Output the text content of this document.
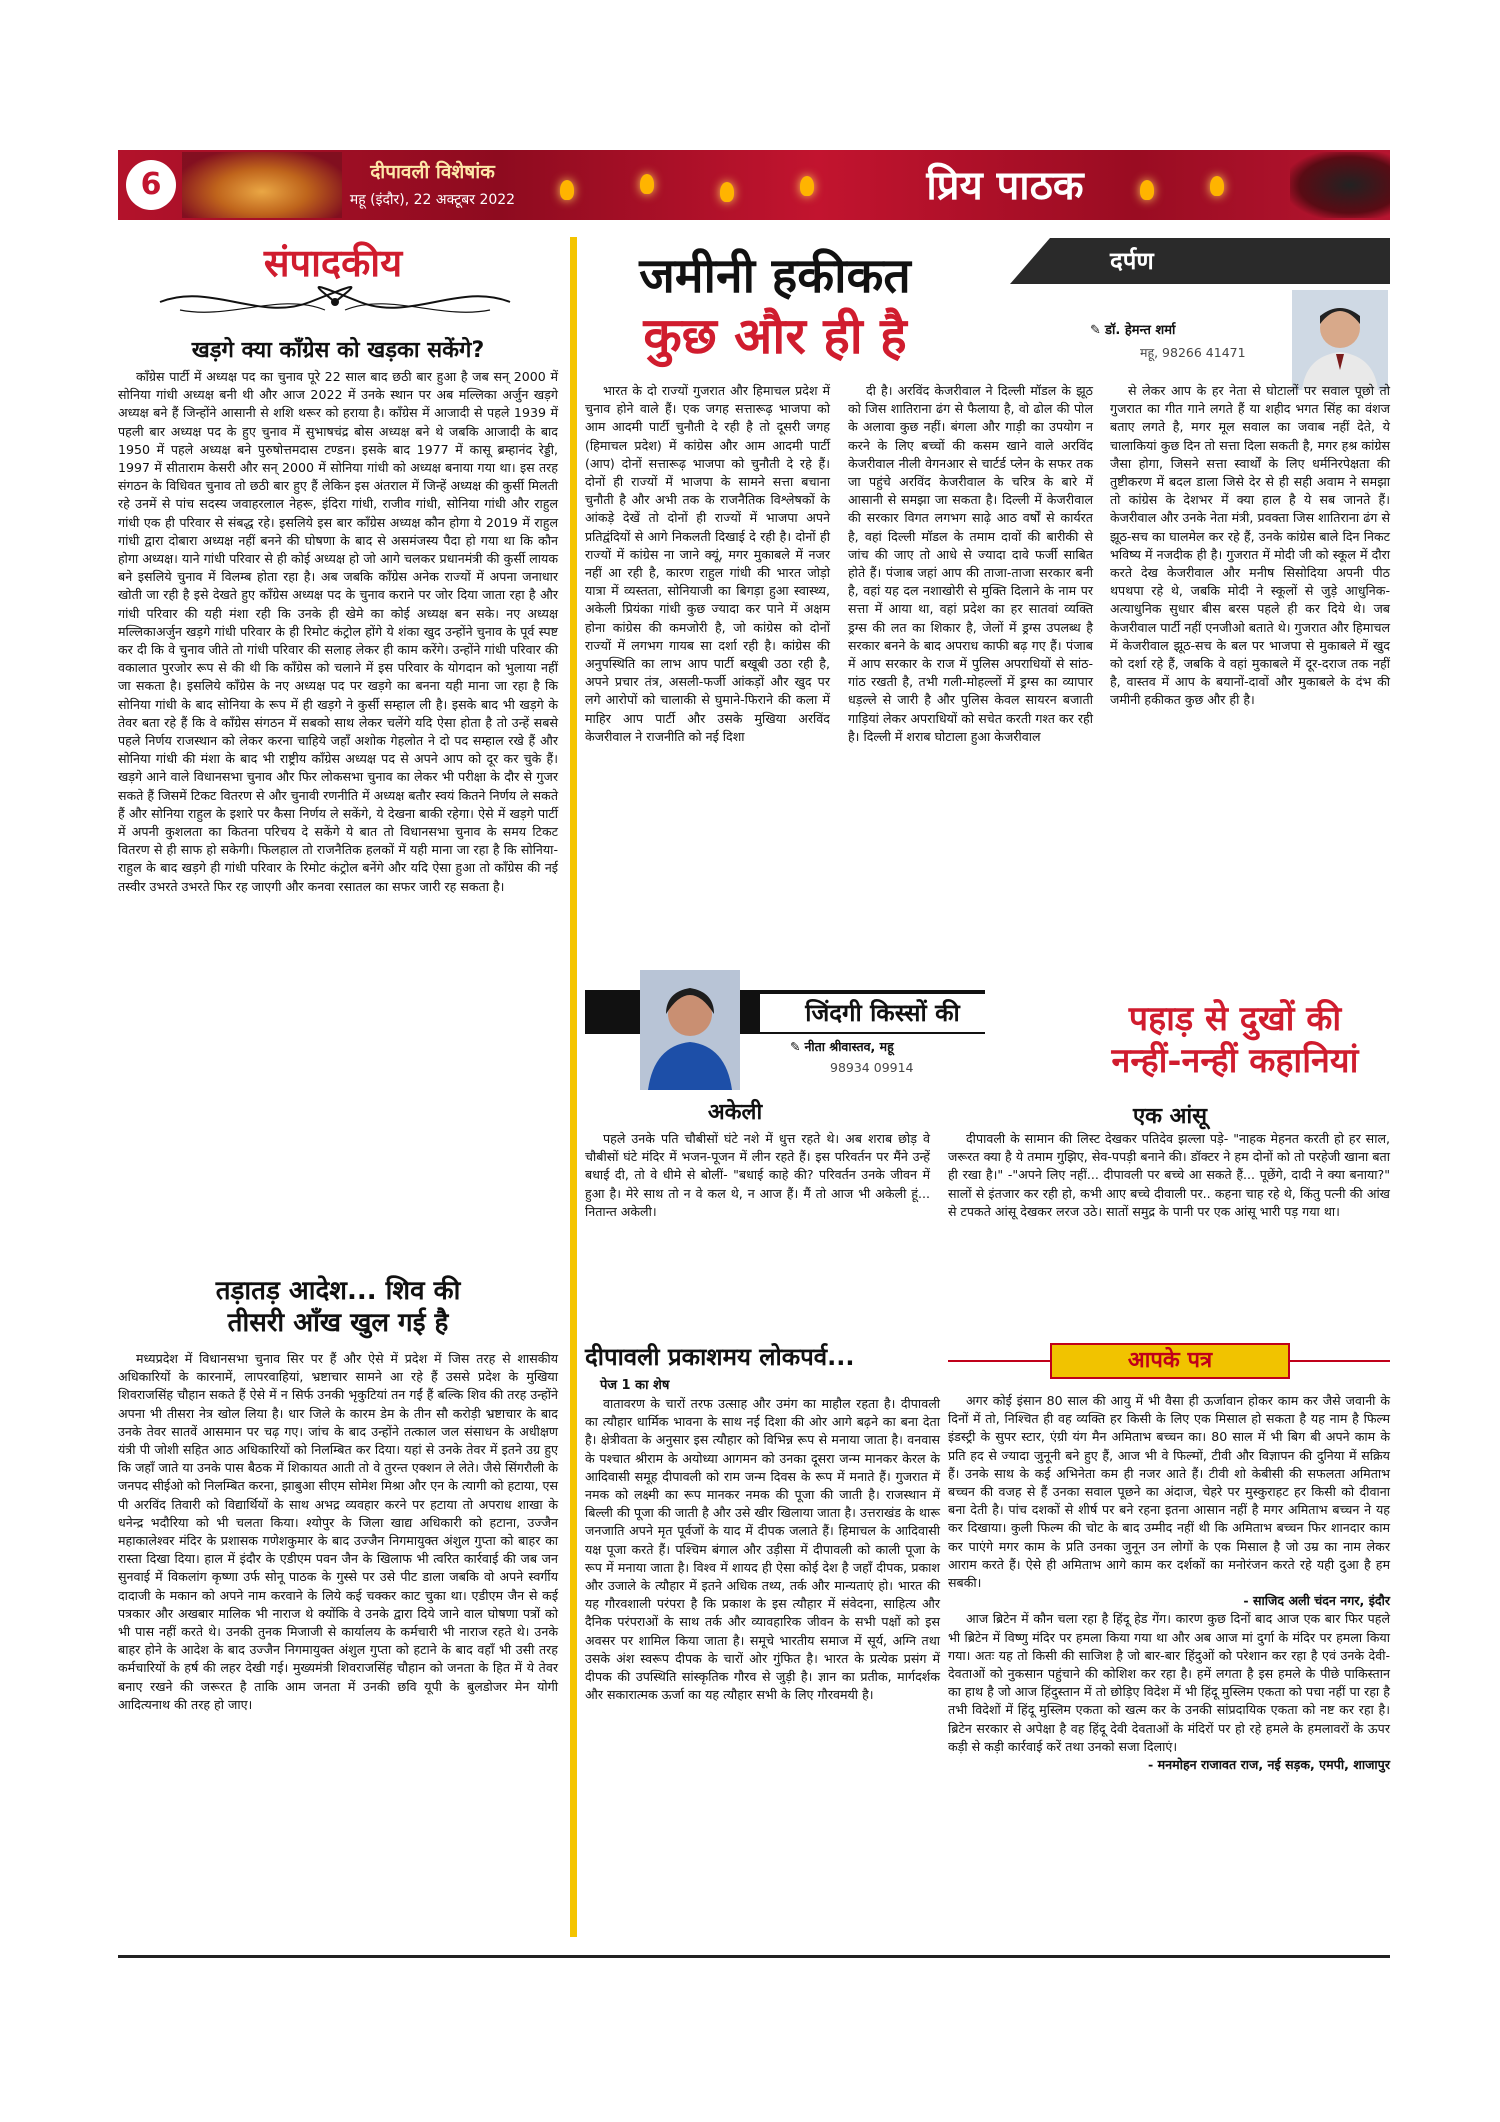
6	दीपावली विशेषांक
महू (इंदौर), 22 अक्टूबर 2022	प्रिय पाठक
संपादकीय
खड़गे क्या कॉंग्रेस को खड़का सकेंगे?

कॉंग्रेस पार्टी में अध्यक्ष पद का चुनाव पूरे 22 साल बाद छठी बार हुआ है जब सन् 2000 में सोनिया गांधी अध्यक्ष बनी थी और आज 2022 में उनके स्थान पर अब मल्लिका अर्जुन खड़गे अध्यक्ष बने हैं जिन्होंने आसानी से शशि थरूर को हराया है। कॉंग्रेस में आजादी से पहले 1939 में पहली बार अध्यक्ष पद के हुए चुनाव में सुभाषचंद्र बोस अध्यक्ष बने थे जबकि आजादी के बाद 1950 में पहले अध्यक्ष बने पुरुषोत्तमदास टण्डन। इसके बाद 1977 में कासू ब्रम्हानंद रेड्डी, 1997 में सीताराम केसरी और सन् 2000 में सोनिया गांधी को अध्यक्ष बनाया गया था। इस तरह संगठन के विधिवत चुनाव तो छठी बार हुए हैं लेकिन इस अंतराल में जिन्हें अध्यक्ष की कुर्सी मिलती रहे उनमें से पांच सदस्य जवाहरलाल नेहरू, इंदिरा गांधी, राजीव गांधी, सोनिया गांधी और राहुल गांधी एक ही परिवार से संबद्ध रहे। इसलिये इस बार कॉंग्रेस अध्यक्ष कौन होगा ये 2019 में राहुल गांधी द्वारा दोबारा अध्यक्ष नहीं बनने की घोषणा के बाद से असमंजस्य पैदा हो गया था कि कौन होगा अध्यक्ष। याने गांधी परिवार से ही कोई अध्यक्ष हो जो आगे चलकर प्रधानमंत्री की कुर्सी लायक बने इसलिये चुनाव में विलम्ब होता रहा है। अब जबकि कॉंग्रेस अनेक राज्यों में अपना जनाधार खोती जा रही है इसे देखते हुए कॉंग्रेस अध्यक्ष पद के चुनाव कराने पर जोर दिया जाता रहा है और गांधी परिवार की यही मंशा रही कि उनके ही खेमे का कोई अध्यक्ष बन सके। नए अध्यक्ष मल्लिकाअर्जुन खड़गे गांधी परिवार के ही रिमोट कंट्रोल होंगे ये शंका खुद उन्होंने चुनाव के पूर्व स्पष्ट कर दी कि वे चुनाव जीते तो गांधी परिवार की सलाह लेकर ही काम करेंगे। उन्होंने गांधी परिवार की वकालात पुरजोर रूप से की थी कि कॉंग्रेस को चलाने में इस परिवार के योगदान को भुलाया नहीं जा सकता है। इसलिये कॉंग्रेस के नए अध्यक्ष पद पर खड़गे का बनना यही माना जा रहा है कि सोनिया गांधी के बाद सोनिया के रूप में ही खड़गे ने कुर्सी सम्हाल ली है। इसके बाद भी खड़गे के तेवर बता रहे हैं कि वे कॉंग्रेस संगठन में सबको साथ लेकर चलेंगे यदि ऐसा होता है तो उन्हें सबसे पहले निर्णय राजस्थान को लेकर करना चाहिये जहाँ अशोक गेहलोत ने दो पद सम्हाल रखे हैं और सोनिया गांधी की मंशा के बाद भी राष्ट्रीय कॉंग्रेस अध्यक्ष पद से अपने आप को दूर कर चुके हैं। खड़गे आने वाले विधानसभा चुनाव और फिर लोकसभा चुनाव का लेकर भी परीक्षा के दौर से गुजर सकते हैं जिसमें टिकट वितरण से और चुनावी रणनीति में अध्यक्ष बतौर स्वयं कितने निर्णय ले सकते हैं और सोनिया राहुल के इशारे पर कैसा निर्णय ले सकेंगे, ये देखना बाकी रहेगा। ऐसे में खड़गे पार्टी में अपनी कुशलता का कितना परिचय दे सकेंगे ये बात तो विधानसभा चुनाव के समय टिकट वितरण से ही साफ हो सकेगी। फिलहाल तो राजनैतिक हलकों में यही माना जा रहा है कि सोनिया-राहुल के बाद खड़गे ही गांधी परिवार के रिमोट कंट्रोल बनेंगे और यदि ऐसा हुआ तो कॉंग्रेस की नई तस्वीर उभरते उभरते फिर रह जाएगी और कनवा रसातल का सफर जारी रह सकता है।

तड़ातड़ आदेश... शिव की
तीसरी आँख खुल गई है

मध्यप्रदेश में विधानसभा चुनाव सिर पर हैं और ऐसे में प्रदेश में जिस तरह से शासकीय अधिकारियों के कारनामें, लापरवाहियां, भ्रष्टाचार सामने आ रहे हैं उससे प्रदेश के मुखिया शिवराजसिंह चौहान सकते हैं ऐसे में न सिर्फ उनकी भृकुटियां तन गईं हैं बल्कि शिव की तरह उन्होंने अपना भी तीसरा नेत्र खोल लिया है। धार जिले के कारम डेम के तीन सौ करोड़ी भ्रष्टाचार के बाद उनके तेवर सातवें आसमान पर चढ़ गए। जांच के बाद उन्होंने तत्काल जल संसाधन के अधीक्षण यंत्री पी जोशी सहित आठ अधिकारियों को निलम्बित कर दिया। यहां से उनके तेवर में इतने उग्र हुए कि जहाँ जाते या उनके पास बैठक में शिकायत आती तो वे तुरन्त एक्शन ले लेते। जैसे सिंगरौली के जनपद सीईओ को निलम्बित करना, झाबुआ सीएम सोमेश मिश्रा और एन के त्यागी को हटाया, एस पी अरविंद तिवारी को विद्यार्थियों के साथ अभद्र व्यवहार करने पर हटाया तो अपराध शाखा के धनेन्द्र भदौरिया को भी चलता किया। श्योपुर के जिला खाद्य अधिकारी को हटाना, उज्जैन महाकालेश्वर मंदिर के प्रशासक गणेशकुमार के बाद उज्जैन निगमायुक्त अंशुल गुप्ता को बाहर का रास्ता दिखा दिया। हाल में इंदौर के एडीएम पवन जैन के खिलाफ भी त्वरित कार्रवाई की जब जन सुनवाई में विकलांग कृष्णा उर्फ सोनू पाठक के गुस्से पर उसे पीट डाला जबकि वो अपने स्वर्गीय दादाजी के मकान को अपने नाम करवाने के लिये कई चक्कर काट चुका था। एडीएम जैन से कई पत्रकार और अखबार मालिक भी नाराज थे क्योंकि वे उनके द्वारा दिये जाने वाल घोषणा पत्रों को भी पास नहीं करते थे। उनकी तुनक मिजाजी से कार्यालय के कर्मचारी भी नाराज रहते थे। उनके बाहर होने के आदेश के बाद उज्जैन निगमायुक्त अंशुल गुप्ता को हटाने के बाद वहाँ भी उसी तरह कर्मचारियों के हर्ष की लहर देखी गई। मुख्यमंत्री शिवराजसिंह चौहान को जनता के हित में ये तेवर बनाए रखने की जरूरत है ताकि आम जनता में उनकी छवि यूपी के बुलडोजर मेन योगी आदित्यनाथ की तरह हो जाए।

जमीनी हकीकत
कुछ और ही है
दर्पण
✎ डॉ. हेमन्त शर्मा
महू, 98266 41471

भारत के दो राज्यों गुजरात और हिमाचल प्रदेश में चुनाव होने वाले हैं। एक जगह सत्तारूढ़ भाजपा को आम आदमी पार्टी चुनौती दे रही है तो दूसरी जगह (हिमाचल प्रदेश) में कांग्रेस और आम आदमी पार्टी (आप) दोनों सत्तारूढ़ भाजपा को चुनौती दे रहे हैं। दोनों ही राज्यों में भाजपा के सामने सत्ता बचाना चुनौती है और अभी तक के राजनैतिक विश्लेषकों के आंकड़े देखें तो दोनों ही राज्यों में भाजपा अपने प्रतिद्वंदियों से आगे निकलती दिखाई दे रही है। दोनों ही राज्यों में कांग्रेस ना जाने क्यूं, मगर मुकाबले में नजर नहीं आ रही है, कारण राहुल गांधी की भारत जोड़ो यात्रा में व्यस्तता, सोनियाजी का बिगड़ा हुआ स्वास्थ्य, अकेली प्रियंका गांधी कुछ ज्यादा कर पाने में अक्षम होना कांग्रेस की कमजोरी है, जो कांग्रेस को दोनों राज्यों में लगभग गायब सा दर्शा रही है। कांग्रेस की अनुपस्थिति का लाभ आप पार्टी बखूबी उठा रही है, अपने प्रचार तंत्र, असली-फर्जी आंकड़ों और खुद पर लगे आरोपों को चालाकी से घुमाने-फिराने की कला में माहिर आप पार्टी और उसके मुखिया अरविंद केजरीवाल ने राजनीति को नई दिशा

दी है। अरविंद केजरीवाल ने दिल्ली मॉडल के झूठ को जिस शातिराना ढंग से फैलाया है, वो ढोल की पोल के अलावा कुछ नहीं। बंगला और गाड़ी का उपयोग न करने के लिए बच्चों की कसम खाने वाले अरविंद केजरीवाल नीली वेगनआर से चार्टर्ड प्लेन के सफर तक जा पहुंचे अरविंद केजरीवाल के चरित्र के बारे में आसानी से समझा जा सकता है। दिल्ली में केजरीवाल की सरकार विगत लगभग साढ़े आठ वर्षों से कार्यरत है, वहां दिल्ली मॉडल के तमाम दावों की बारीकी से जांच की जाए तो आधे से ज्यादा दावे फर्जी साबित होते हैं। पंजाब जहां आप की ताजा-ताजा सरकार बनी है, वहां यह दल नशाखोरी से मुक्ति दिलाने के नाम पर सत्ता में आया था, वहां प्रदेश का हर सातवां व्यक्ति ड्रग्स की लत का शिकार है, जेलों में ड्रग्स उपलब्ध है सरकार बनने के बाद अपराध काफी बढ़ गए हैं। पंजाब में आप सरकार के राज में पुलिस अपराधियों से सांठ-गांठ रखती है, तभी गली-मोहल्लों में ड्रग्स का व्यापार धड़ल्ले से जारी है और पुलिस केवल सायरन बजाती गाड़ियां लेकर अपराधियों को सचेत करती गश्त कर रही है। दिल्ली में शराब घोटाला हुआ केजरीवाल

से लेकर आप के हर नेता से घोटालों पर सवाल पूछो तो गुजरात का गीत गाने लगते हैं या शहीद भगत सिंह का वंशज बताए लगते है, मगर मूल सवाल का जवाब नहीं देते, ये चालाकियां कुछ दिन तो सत्ता दिला सकती है, मगर हश्र कांग्रेस जैसा होगा, जिसने सत्ता स्वार्थों के लिए धर्मनिरपेक्षता की तुष्टीकरण में बदल डाला जिसे देर से ही सही अवाम ने समझा तो कांग्रेस के देशभर में क्या हाल है ये सब जानते हैं। केजरीवाल और उनके नेता मंत्री, प्रवक्ता जिस शातिराना ढंग से झूठ-सच का घालमेल कर रहे हैं, उनके कांग्रेस बाले दिन निकट भविष्य में नजदीक ही है। गुजरात में मोदी जी को स्कूल में दौरा करते देख केजरीवाल और मनीष सिसोदिया अपनी पीठ थपथपा रहे थे, जबकि मोदी ने स्कूलों से जुड़े आधुनिक-अत्याधुनिक सुधार बीस बरस पहले ही कर दिये थे। जब केजरीवाल पार्टी नहीं एनजीओ बताते थे। गुजरात और हिमाचल में केजरीवाल झूठ-सच के बल पर भाजपा से मुकाबले में खुद को दर्शा रहे हैं, जबकि वे वहां मुकाबले में दूर-दराज तक नहीं है, वास्तव में आप के बयानों-दावों और मुकाबले के दंभ की जमीनी हकीकत कुछ और ही है।

जिंदगी किस्सों की
✎ नीता श्रीवास्तव, महू
98934 09914
अकेली

पहले उनके पति चौबीसों घंटे नशे में धुत्त रहते थे। अब शराब छोड़ वे चौबीसों घंटे मंदिर में भजन-पूजन में लीन रहते हैं। इस परिवर्तन पर मैंने उन्हें बधाई दी, तो वे धीमे से बोलीं- "बधाई काहे की? परिवर्तन उनके जीवन में हुआ है। मेरे साथ तो न वे कल थे, न आज हैं। मैं तो आज भी अकेली हूं... नितान्त अकेली।

पहाड़ से दुखों की
नन्हीं-नन्हीं कहानियां
एक आंसू

दीपावली के सामान की लिस्ट देखकर पतिदेव झल्ला पड़े- "नाहक मेहनत करती हो हर साल, जरूरत क्या है ये तमाम गुझिए, सेव-पपड़ी बनाने की। डॉक्टर ने हम दोनों को तो परहेजी खाना बता ही रखा है।" -"अपने लिए नहीं... दीपावली पर बच्चे आ सकते हैं... पूछेंगे, दादी ने क्या बनाया?" सालों से इंतजार कर रही हो, कभी आए बच्चे दीवाली पर.. कहना चाह रहे थे, किंतु पत्नी की आंख से टपकते आंसू देखकर लरज उठे। सातों समुद्र के पानी पर एक आंसू भारी पड़ गया था।

दीपावली प्रकाशमय लोकपर्व...
पेज 1 का शेष

वातावरण के चारों तरफ उत्साह और उमंग का माहौल रहता है। दीपावली का त्यौहार धार्मिक भावना के साथ नई दिशा की ओर आगे बढ़ने का बना देता है। क्षेत्रीवता के अनुसार इस त्यौहार को विभिन्न रूप से मनाया जाता है। वनवास के पश्चात श्रीराम के अयोध्या आगमन को उनका दूसरा जन्म मानकर केरल के आदिवासी समूह दीपावली को राम जन्म दिवस के रूप में मनाते हैं। गुजरात में नमक को लक्ष्मी का रूप मानकर नमक की पूजा की जाती है। राजस्थान में बिल्ली की पूजा की जाती है और उसे खीर खिलाया जाता है। उत्तराखंड के थारू जनजाति अपने मृत पूर्वजों के याद में दीपक जलाते हैं। हिमाचल के आदिवासी यक्ष पूजा करते हैं। पश्चिम बंगाल और उड़ीसा में दीपावली को काली पूजा के रूप में मनाया जाता है। विश्व में शायद ही ऐसा कोई देश है जहाँ दीपक, प्रकाश और उजाले के त्यौहार में इतने अधिक तथ्य, तर्क और मान्यताएं हो। भारत की यह गौरवशाली परंपरा है कि प्रकाश के इस त्यौहार में संवेदना, साहित्य और दैनिक परंपराओं के साथ तर्क और व्यावहारिक जीवन के सभी पक्षों को इस अवसर पर शामिल किया जाता है। समूचे भारतीय समाज में सूर्य, अग्नि तथा उसके अंश स्वरूप दीपक के चारों ओर गुंफित है। भारत के प्रत्येक प्रसंग में दीपक की उपस्थिति सांस्कृतिक गौरव से जुड़ी है। ज्ञान का प्रतीक, मार्गदर्शक और सकारात्मक ऊर्जा का यह त्यौहार सभी के लिए गौरवमयी है।

आपके पत्र

अगर कोई इंसान 80 साल की आयु में भी वैसा ही ऊर्जावान होकर काम कर जैसे जवानी के दिनों में तो, निश्चित ही वह व्यक्ति हर किसी के लिए एक मिसाल हो सकता है यह नाम है फिल्म इंडस्ट्री के सुपर स्टार, एंग्री यंग मैन अमिताभ बच्चन का। 80 साल में भी बिग बी अपने काम के प्रति हद से ज्यादा जुनूनी बने हुए हैं, आज भी वे फिल्मों, टीवी और विज्ञापन की दुनिया में सक्रिय हैं। उनके साथ के कई अभिनेता कम ही नजर आते हैं। टीवी शो केबीसी की सफलता अमिताभ बच्चन की वजह से हैं उनका सवाल पूछने का अंदाज, चेहरे पर मुस्कुराहट हर किसी को दीवाना बना देती है। पांच दशकों से शीर्ष पर बने रहना इतना आसान नहीं है मगर अमिताभ बच्चन ने यह कर दिखाया। कुली फिल्म की चोट के बाद उम्मीद नहीं थी कि अमिताभ बच्चन फिर शानदार काम कर पाएंगे मगर काम के प्रति उनका जुनून उन लोगों के एक मिसाल है जो उम्र का नाम लेकर आराम करते हैं। ऐसे ही अमिताभ आगे काम कर दर्शकों का मनोरंजन करते रहे यही दुआ है हम सबकी।

- साजिद अली चंदन नगर, इंदौर

आज ब्रिटेन में कौन चला रहा है हिंदू हेड गेंग। कारण कुछ दिनों बाद आज एक बार फिर पहले भी ब्रिटेन में विष्णु मंदिर पर हमला किया गया था और अब आज मां दुर्गा के मंदिर पर हमला किया गया। अतः यह तो किसी की साजिश है जो बार-बार हिंदुओं को परेशान कर रहा है एवं उनके देवी-देवताओं को नुकसान पहुंचाने की कोशिश कर रहा है। हमें लगता है इस हमले के पीछे पाकिस्तान का हाथ है जो आज हिंदुस्तान में तो छोड़िए विदेश में भी हिंदू मुस्लिम एकता को पचा नहीं पा रहा है तभी विदेशों में हिंदू मुस्लिम एकता को खत्म कर के उनकी सांप्रदायिक एकता को नष्ट कर रहा है। ब्रिटेन सरकार से अपेक्षा है वह हिंदू देवी देवताओं के मंदिरों पर हो रहे हमले के हमलावरों के ऊपर कड़ी से कड़ी कार्रवाई करें तथा उनको सजा दिलाएं।

- मनमोहन राजावत राज, नई सड़क, एमपी, शाजापुर
